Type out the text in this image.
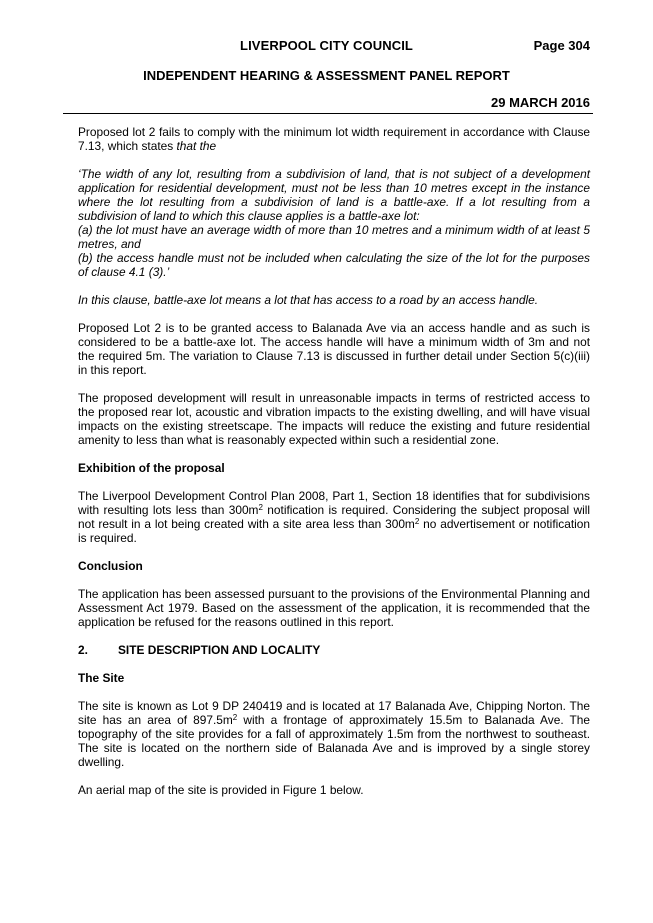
LIVERPOOL CITY COUNCIL	Page 304
INDEPENDENT HEARING & ASSESSMENT PANEL REPORT
29 MARCH 2016

Proposed lot 2 fails to comply with the minimum lot width requirement in accordance with Clause 7.13, which states that the

‘The width of any lot, resulting from a subdivision of land, that is not subject of a development application for residential development, must not be less than 10 metres except in the instance where the lot resulting from a subdivision of land is a battle-axe. If a lot resulting from a subdivision of land to which this clause applies is a battle-axe lot:
(a) the lot must have an average width of more than 10 metres and a minimum width of at least 5 metres, and
(b) the access handle must not be included when calculating the size of the lot for the purposes of clause 4.1 (3).’

In this clause, battle-axe lot means a lot that has access to a road by an access handle.

Proposed Lot 2 is to be granted access to Balanada Ave via an access handle and as such is considered to be a battle-axe lot. The access handle will have a minimum width of 3m and not the required 5m. The variation to Clause 7.13 is discussed in further detail under Section 5(c)(iii) in this report.

The proposed development will result in unreasonable impacts in terms of restricted access to the proposed rear lot, acoustic and vibration impacts to the existing dwelling, and will have visual impacts on the existing streetscape. The impacts will reduce the existing and future residential amenity to less than what is reasonably expected within such a residential zone.

Exhibition of the proposal

The Liverpool Development Control Plan 2008, Part 1, Section 18 identifies that for subdivisions with resulting lots less than $300m^2$ notification is required. Considering the subject proposal will not result in a lot being created with a site area less than $300m^2$ no advertisement or notification is required.

Conclusion

The application has been assessed pursuant to the provisions of the Environmental Planning and Assessment Act 1979. Based on the assessment of the application, it is recommended that the application be refused for the reasons outlined in this report.

2.	SITE DESCRIPTION AND LOCALITY
The Site

The site is known as Lot 9 DP 240419 and is located at 17 Balanada Ave, Chipping Norton. The site has an area of $897.5m^2$ with a frontage of approximately 15.5m to Balanada Ave. The topography of the site provides for a fall of approximately 1.5m from the northwest to southeast. The site is located on the northern side of Balanada Ave and is improved by a single storey dwelling.

An aerial map of the site is provided in Figure 1 below.
